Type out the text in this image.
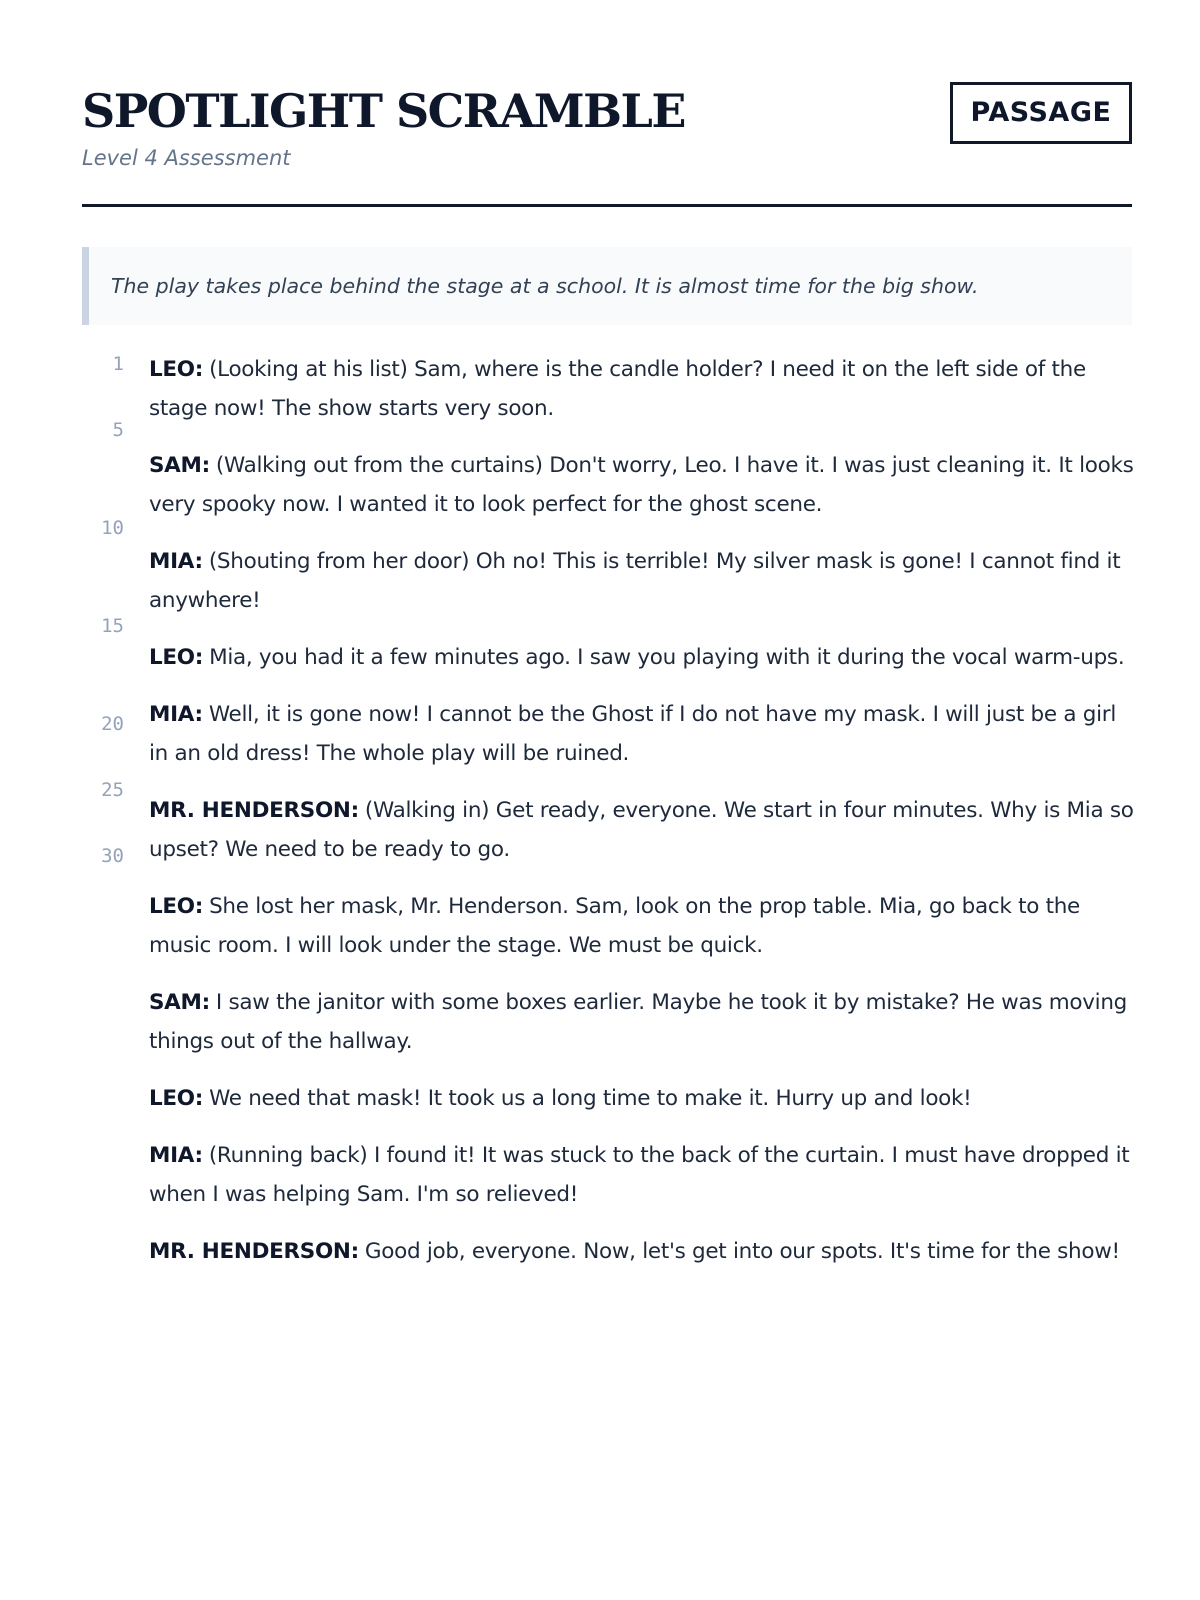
SPOTLIGHT SCRAMBLE
Level 4 Assessment
PASSAGE
The play takes place behind the stage at a school. It is almost time for the big show.
1
5
10
15
20
25
30

LEO: (Looking at his list) Sam, where is the candle holder? I need it on the left side of the stage now! The show starts very soon.

SAM: (Walking out from the curtains) Don't worry, Leo. I have it. I was just cleaning it. It looks very spooky now. I wanted it to look perfect for the ghost scene.

MIA: (Shouting from her door) Oh no! This is terrible! My silver mask is gone! I cannot find it anywhere!

LEO: Mia, you had it a few minutes ago. I saw you playing with it during the vocal warm-ups.

MIA: Well, it is gone now! I cannot be the Ghost if I do not have my mask. I will just be a girl in an old dress! The whole play will be ruined.

MR. HENDERSON: (Walking in) Get ready, everyone. We start in four minutes. Why is Mia so upset? We need to be ready to go.

LEO: She lost her mask, Mr. Henderson. Sam, look on the prop table. Mia, go back to the music room. I will look under the stage. We must be quick.

SAM: I saw the janitor with some boxes earlier. Maybe he took it by mistake? He was moving things out of the hallway.

LEO: We need that mask! It took us a long time to make it. Hurry up and look!

MIA: (Running back) I found it! It was stuck to the back of the curtain. I must have dropped it when I was helping Sam. I'm so relieved!

MR. HENDERSON: Good job, everyone. Now, let's get into our spots. It's time for the show!
